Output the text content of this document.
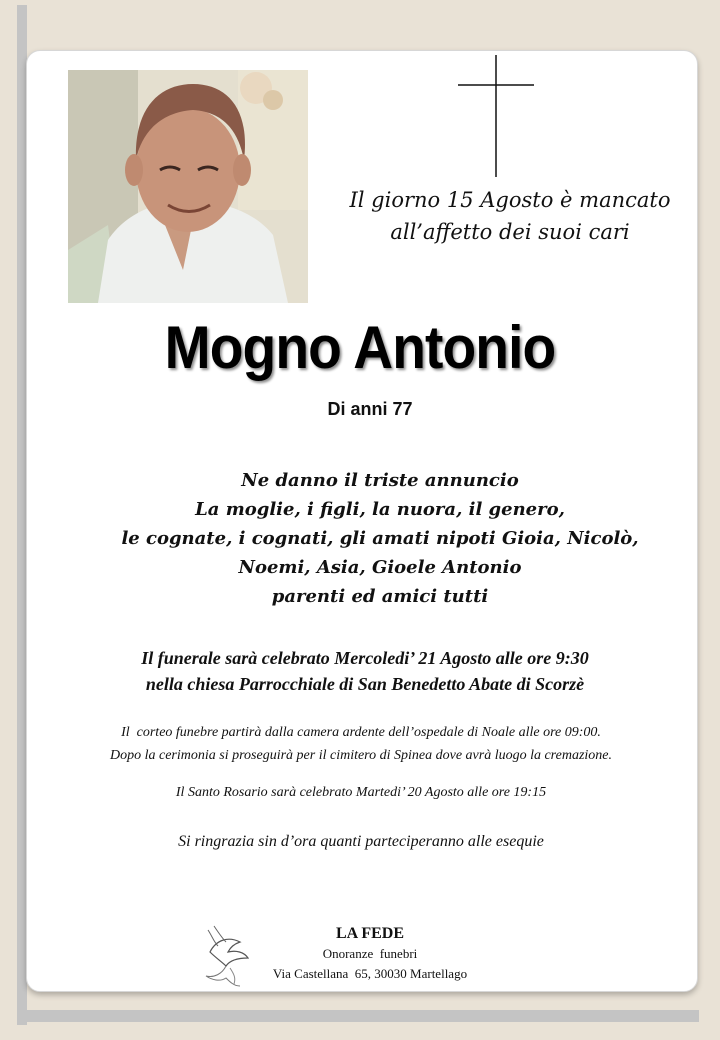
Il giorno 15 Agosto è mancato
all’affetto dei suoi cari
Mogno Antonio
Di anni 77
Ne danno il triste annuncio
La moglie, i figli, la nuora, il genero,
le cognate, i cognati, gli amati nipoti Gioia, Nicolò,
Noemi, Asia, Gioele Antonio
parenti ed amici tutti
Il funerale sarà celebrato Mercoledi’ 21 Agosto alle ore 9:30
nella chiesa Parrocchiale di San Benedetto Abate di Scorzè
Il  corteo funebre partirà dalla camera ardente dell’ospedale di Noale alle ore 09:00.
Dopo la cerimonia si proseguirà per il cimitero di Spinea dove avrà luogo la cremazione.
Il Santo Rosario sarà celebrato Martedi’ 20 Agosto alle ore 19:15
Si ringrazia sin d’ora quanti parteciperanno alle esequie
LA FEDE
Onoranze  funebri
Via Castellana  65, 30030 Martellago
